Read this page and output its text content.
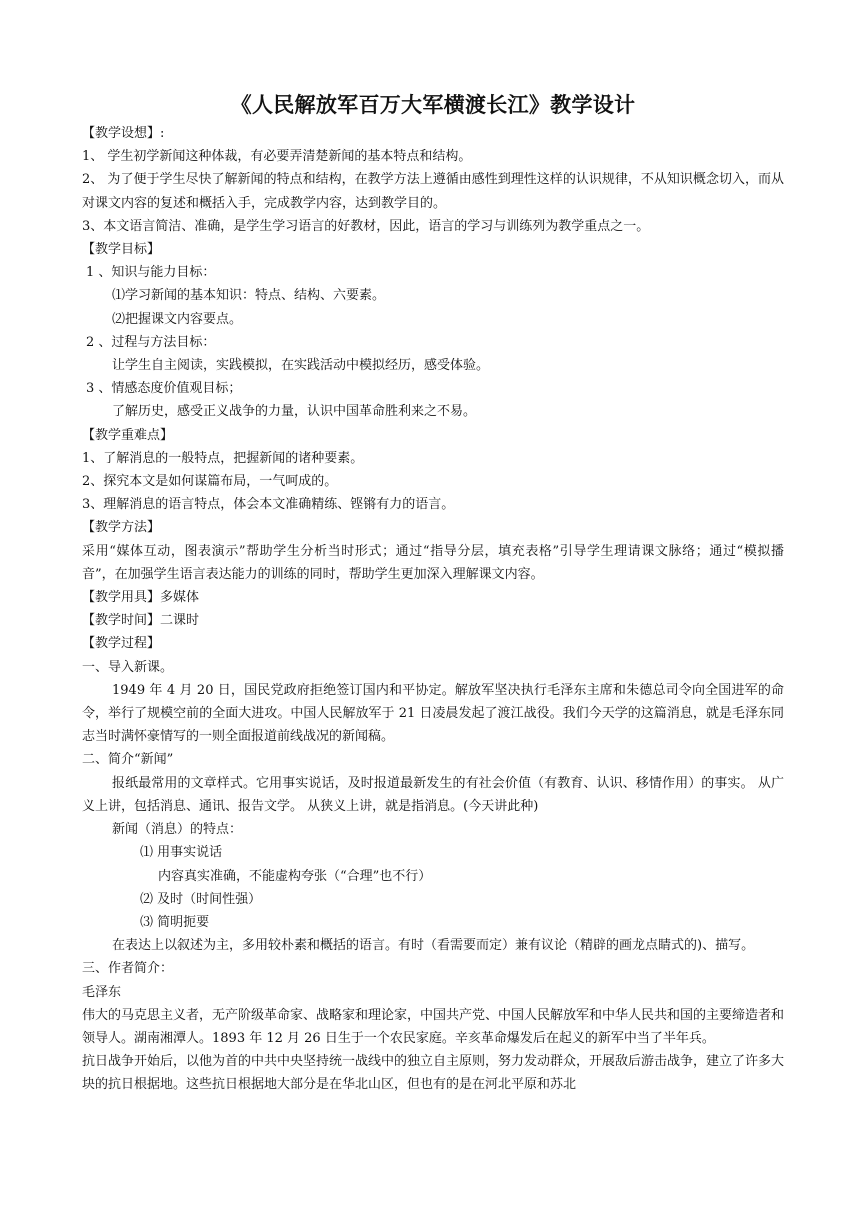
《人民解放军百万大军横渡长江》教学设计

【教学设想】:

1、 学生初学新闻这种体裁，有必要弄清楚新闻的基本特点和结构。

2、 为了便于学生尽快了解新闻的特点和结构，在教学方法上遵循由感性到理性这样的认识规律，不从知识概念切入，而从对课文内容的复述和概括入手，完成教学内容，达到教学目的。

3、本文语言简洁、准确，是学生学习语言的好教材，因此，语言的学习与训练列为教学重点之一。

【教学目标】

1 、知识与能力目标：

⑴学习新闻的基本知识：特点、结构、六要素。

⑵把握课文内容要点。

2 、过程与方法目标：

让学生自主阅读，实践模拟，在实践活动中模拟经历，感受体验。

3 、情感态度价值观目标；

了解历史，感受正义战争的力量，认识中国革命胜利来之不易。

【教学重难点】

1、了解消息的一般特点，把握新闻的诸种要素。

2、探究本文是如何谋篇布局，一气呵成的。

3、理解消息的语言特点，体会本文准确精练、铿锵有力的语言。

【教学方法】

采用“媒体互动，图表演示”帮助学生分析当时形式；通过“指导分层，填充表格”引导学生理请课文脉络；通过“模拟播音”，在加强学生语言表达能力的训练的同时，帮助学生更加深入理解课文内容。

【教学用具】多媒体

【教学时间】二课时

【教学过程】

一、导入新课。

1949 年 4 月 20 日，国民党政府拒绝签订国内和平协定。解放军坚决执行毛泽东主席和朱德总司令向全国进军的命令，举行了规模空前的全面大进攻。中国人民解放军于 21 日凌晨发起了渡江战役。我们今天学的这篇消息，就是毛泽东同志当时满怀豪情写的一则全面报道前线战况的新闻稿。

二、简介“新闻”

报纸最常用的文章样式。它用事实说话，及时报道最新发生的有社会价值（有教育、认识、移情作用）的事实。 从广义上讲，包括消息、通讯、报告文学。 从狭义上讲，就是指消息。(今天讲此种)

新闻（消息）的特点：

⑴ 用事实说话

内容真实准确，不能虚构夸张（“合理”也不行）

⑵ 及时（时间性强）

⑶ 简明扼要

在表达上以叙述为主，多用较朴素和概括的语言。有时（看需要而定）兼有议论（精辟的画龙点睛式的)、描写。

三、作者简介：

毛泽东

伟大的马克思主义者，无产阶级革命家、战略家和理论家，中国共产党、中国人民解放军和中华人民共和国的主要缔造者和领导人。湖南湘潭人。1893 年 12 月 26 日生于一个农民家庭。辛亥革命爆发后在起义的新军中当了半年兵。

抗日战争开始后，以他为首的中共中央坚持统一战线中的独立自主原则，努力发动群众，开展敌后游击战争，建立了许多大块的抗日根据地。这些抗日根据地大部分是在华北山区，但也有的是在河北平原和苏北
